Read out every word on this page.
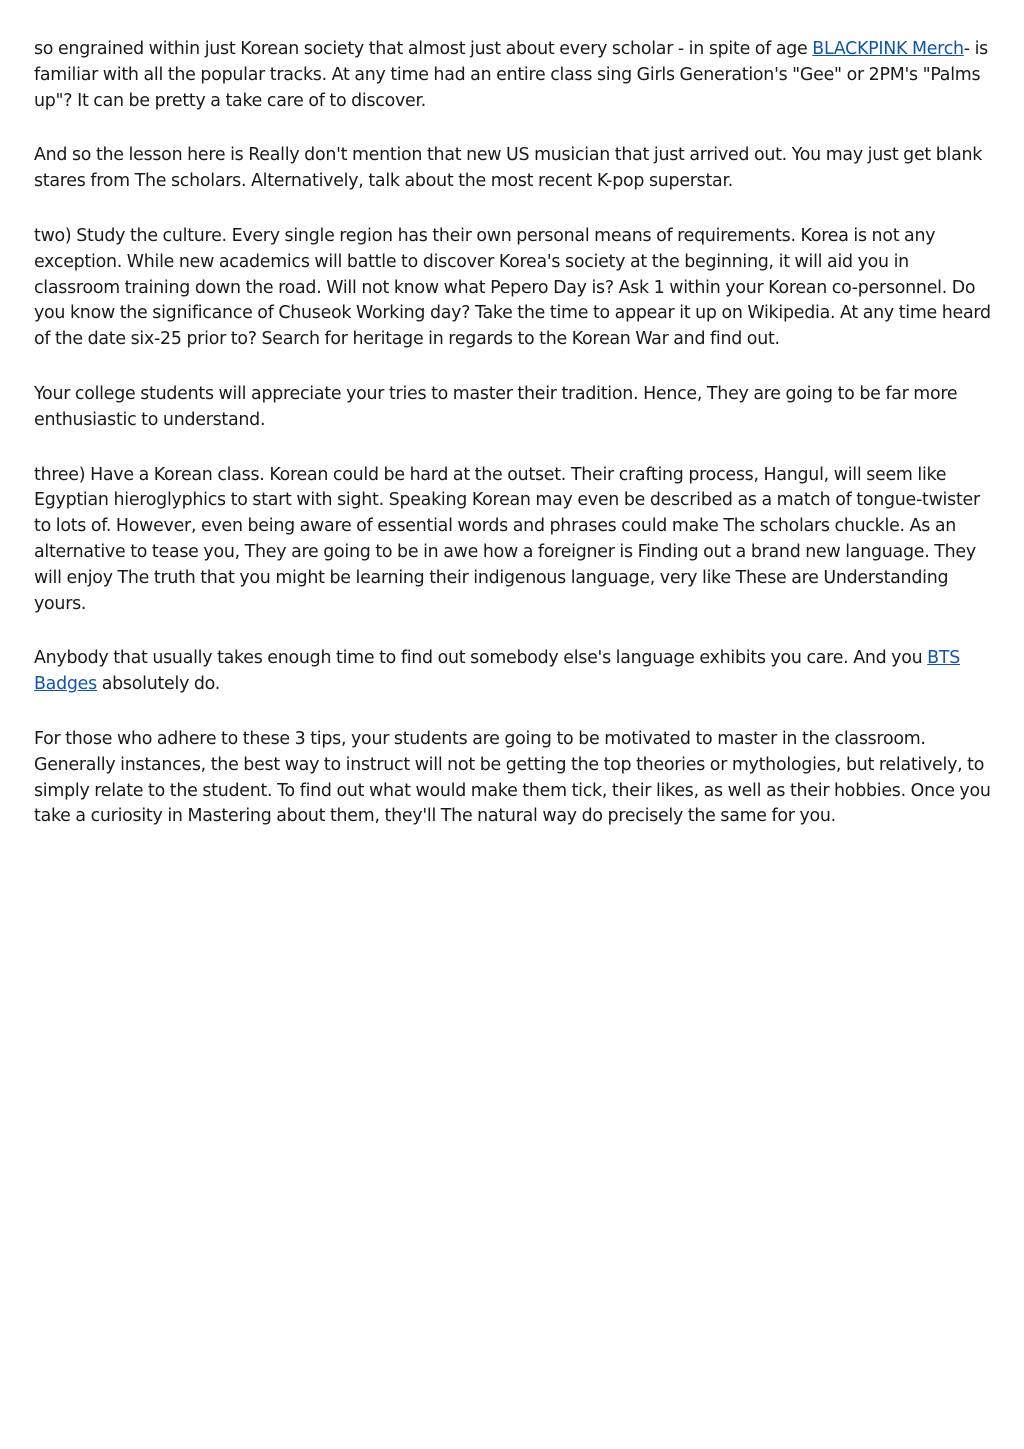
so engrained within just Korean society that almost just about every scholar - in spite of age BLACKPINK Merch- is familiar with all the popular tracks. At any time had an entire class sing Girls Generation's "Gee" or 2PM's "Palms up"? It can be pretty a take care of to discover.

And so the lesson here is Really don't mention that new US musician that just arrived out. You may just get blank stares from The scholars. Alternatively, talk about the most recent K-pop superstar.

two) Study the culture. Every single region has their own personal means of requirements. Korea is not any exception. While new academics will battle to discover Korea's society at the beginning, it will aid you in classroom training down the road. Will not know what Pepero Day is? Ask 1 within your Korean co-personnel. Do you know the significance of Chuseok Working day? Take the time to appear it up on Wikipedia. At any time heard of the date six-25 prior to? Search for heritage in regards to the Korean War and find out.

Your college students will appreciate your tries to master their tradition. Hence, They are going to be far more enthusiastic to understand.

three) Have a Korean class. Korean could be hard at the outset. Their crafting process, Hangul, will seem like Egyptian hieroglyphics to start with sight. Speaking Korean may even be described as a match of tongue-twister to lots of. However, even being aware of essential words and phrases could make The scholars chuckle. As an alternative to tease you, They are going to be in awe how a foreigner is Finding out a brand new language. They will enjoy The truth that you might be learning their indigenous language, very like These are Understanding yours.

Anybody that usually takes enough time to find out somebody else's language exhibits you care. And you BTS Badges absolutely do.

For those who adhere to these 3 tips, your students are going to be motivated to master in the classroom. Generally instances, the best way to instruct will not be getting the top theories or mythologies, but relatively, to simply relate to the student. To find out what would make them tick, their likes, as well as their hobbies. Once you take a curiosity in Mastering about them, they'll The natural way do precisely the same for you.
